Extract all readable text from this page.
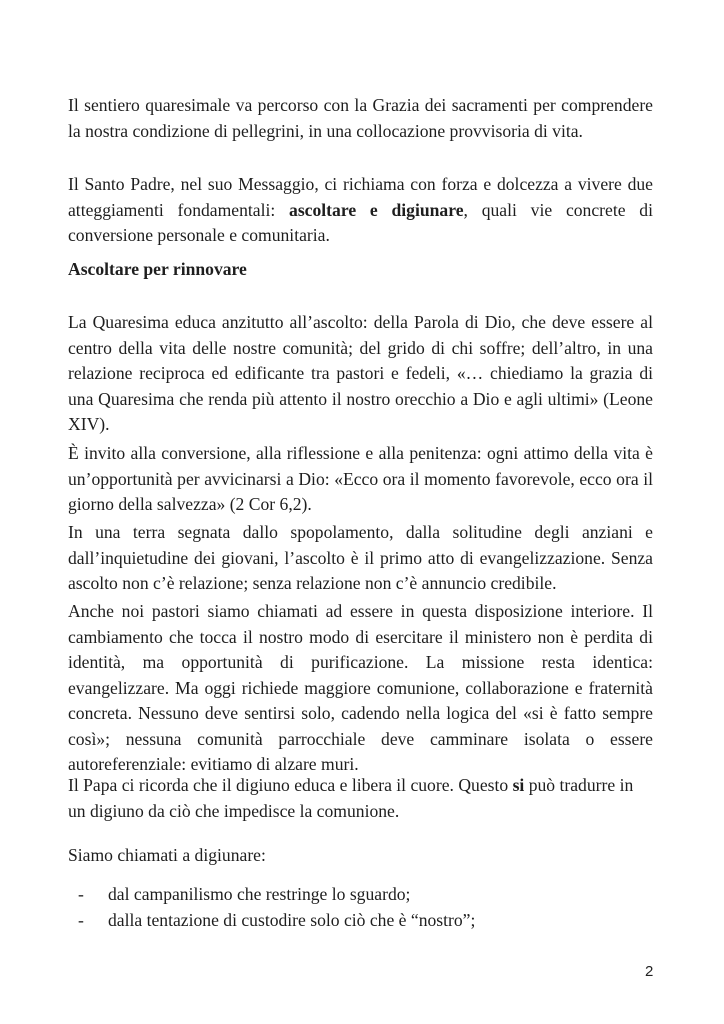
Il sentiero quaresimale va percorso con la Grazia dei sacramenti per comprendere la nostra condizione di pellegrini, in una collocazione provvisoria di vita.

Il Santo Padre, nel suo Messaggio, ci richiama con forza e dolcezza a vivere due atteggiamenti fondamentali: ascoltare e digiunare, quali vie concrete di conversione personale e comunitaria.

Ascoltare per rinnovare

La Quaresima educa anzitutto all’ascolto: della Parola di Dio, che deve essere al centro della vita delle nostre comunità; del grido di chi soffre; dell’altro, in una relazione reciproca ed edificante tra pastori e fedeli, «… chiediamo la grazia di una Quaresima che renda più attento il nostro orecchio a Dio e agli ultimi» (Leone XIV).

È invito alla conversione, alla riflessione e alla penitenza: ogni attimo della vita è un’opportunità per avvicinarsi a Dio: «Ecco ora il momento favorevole, ecco ora il giorno della salvezza» (2 Cor 6,2).

In una terra segnata dallo spopolamento, dalla solitudine degli anziani e dall’inquietudine dei giovani, l’ascolto è il primo atto di evangelizzazione. Senza ascolto non c’è relazione; senza relazione non c’è annuncio credibile.

Anche noi pastori siamo chiamati ad essere in questa disposizione interiore. Il cambiamento che tocca il nostro modo di esercitare il ministero non è perdita di identità, ma opportunità di purificazione. La missione resta identica: evangelizzare. Ma oggi richiede maggiore comunione, collaborazione e fraternità concreta. Nessuno deve sentirsi solo, cadendo nella logica del «si è fatto sempre così»; nessuna comunità parrocchiale deve camminare isolata o essere autoreferenziale: evitiamo di alzare muri.

Il Papa ci ricorda che il digiuno educa e libera il cuore. Questo si può tradurre in un digiuno da ciò che impedisce la comunione.

Siamo chiamati a digiunare:

- dal campanilismo che restringe lo sguardo;
- dalla tentazione di custodire solo ciò che è “nostro”;
2
